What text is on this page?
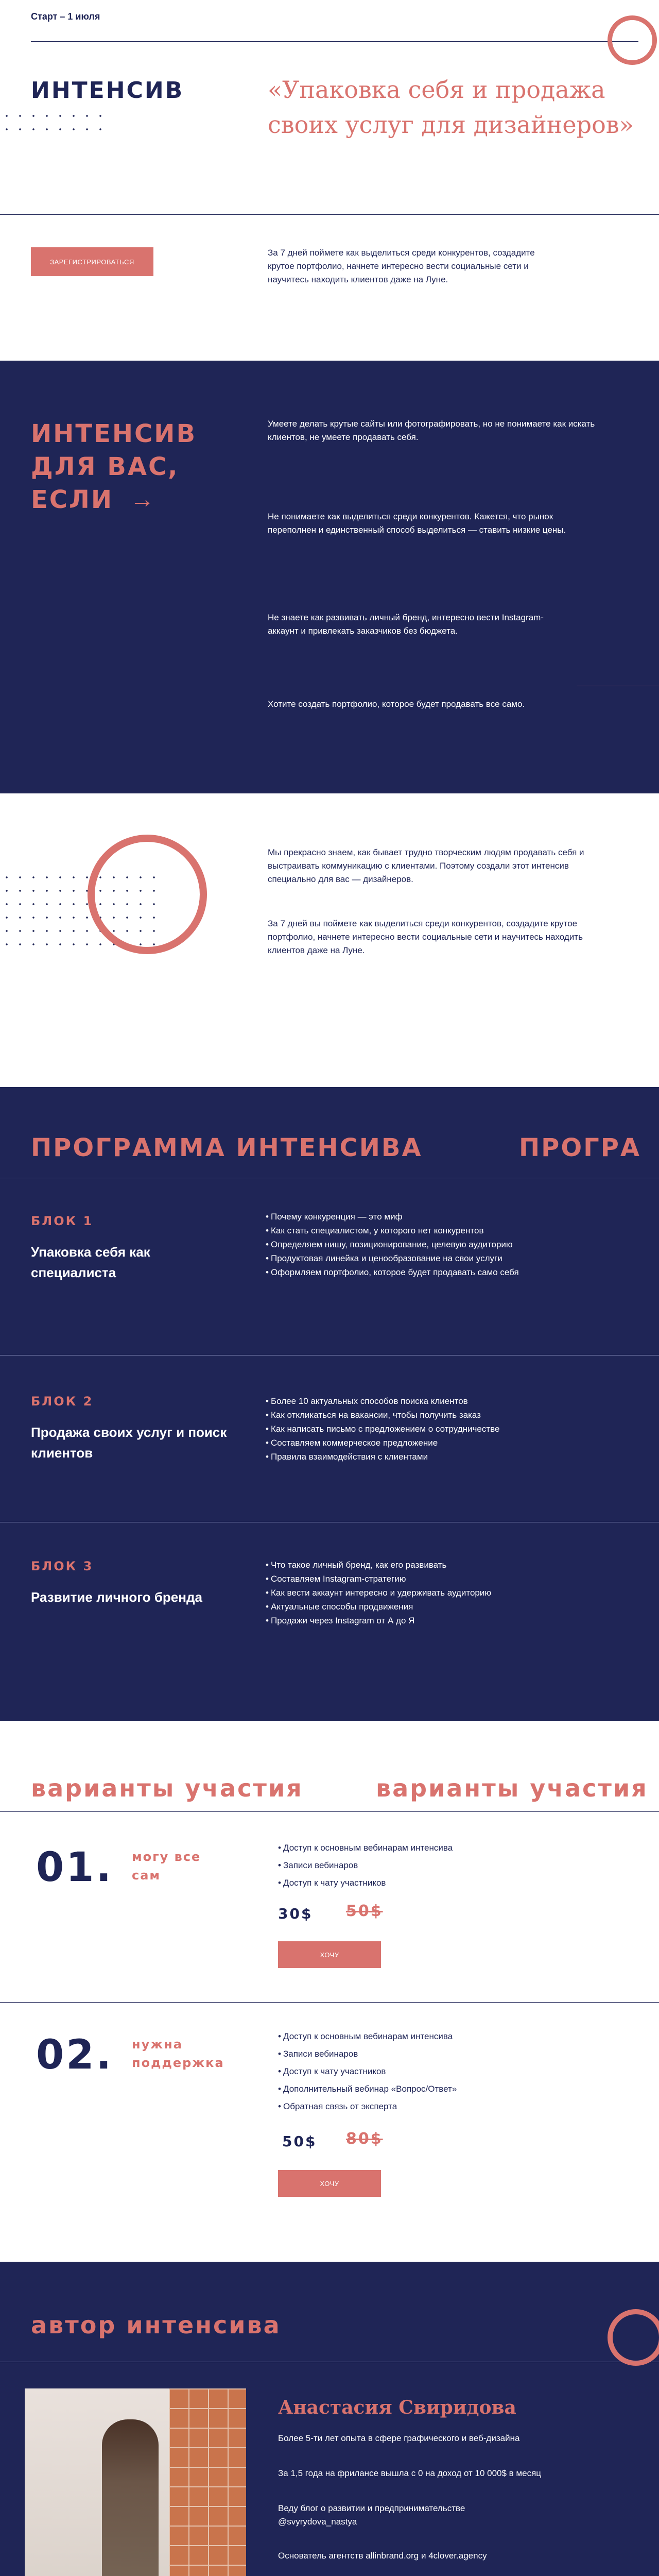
Старт – 1 июля
ИНТЕНСИВ	«Упаковка себя и продажа своих услуг для дизайнеров»
ЗАРЕГИСТРИРОВАТЬСЯ
За 7 дней поймете как выделиться среди конкурентов, создадите крутое портфолио, начнете интересно вести социальные сети и научитесь находить клиентов даже на Луне.
ИНТЕНСИВ
ДЛЯ ВАС,
ЕСЛИ →
Умеете делать крутые сайты или фотографировать, но не понимаете как искать клиентов, не умеете продавать себя.
Не понимаете как выделиться среди конкурентов. Кажется, что рынок переполнен и единственный способ выделиться — ставить низкие цены.
Не знаете как развивать личный бренд, интересно вести Instagram-аккаунт и привлекать заказчиков без бюджета.
Хотите создать портфолио, которое будет продавать все само.
Мы прекрасно знаем, как бывает трудно творческим людям продавать себя и выстраивать коммуникацию с клиентами. Поэтому создали этот интенсив специально для вас — дизайнеров.
За 7 дней вы поймете как выделиться среди конкурентов, создадите крутое портфолио, начнете интересно вести социальные сети и научитесь находить клиентов даже на Луне.
ПРОГРАММА ИНТЕНСИВА	ПРОГРА
БЛОК 1
Упаковка себя как специалиста
• Почему конкуренция — это миф
• Как стать специалистом, у которого нет конкурентов
• Определяем нишу, позиционирование, целевую аудиторию
• Продуктовая линейка и ценообразование на свои услуги
• Оформляем портфолио, которое будет продавать само себя
БЛОК 2
Продажа своих услуг и поиск клиентов
• Более 10 актуальных способов поиска клиентов
• Как откликаться на вакансии, чтобы получить заказ
• Как написать письмо с предложением о сотрудничестве
• Составляем коммерческое предложение
• Правила взаимодействия с клиентами
БЛОК 3
Развитие личного бренда
• Что такое личный бренд, как его развивать
• Составляем Instagram-стратегию
• Как вести аккаунт интересно и удерживать аудиторию
• Актуальные способы продвижения
• Продажи через Instagram от А до Я
варианты участия	варианты участия
01. могу все сам
• Доступ к основным вебинарам интенсива
• Записи вебинаров
• Доступ к чату участников
30$ 50$
ХОЧУ
02. нужна поддержка
• Доступ к основным вебинарам интенсива
• Записи вебинаров
• Доступ к чату участников
• Дополнительный вебинар «Вопрос/Ответ»
• Обратная связь от эксперта
50$ 80$
ХОЧУ
автор интенсива
Анастасия Свиридова
Более 5-ти лет опыта в сфере графического и веб-дизайна
За 1,5 года на фрилансе вышла с 0 на доход от 10 000$ в месяц
Веду блог о развитии и предпринимательстве @svyrydova_nastya
Основатель агентств allinbrand.org и 4clover.agency
